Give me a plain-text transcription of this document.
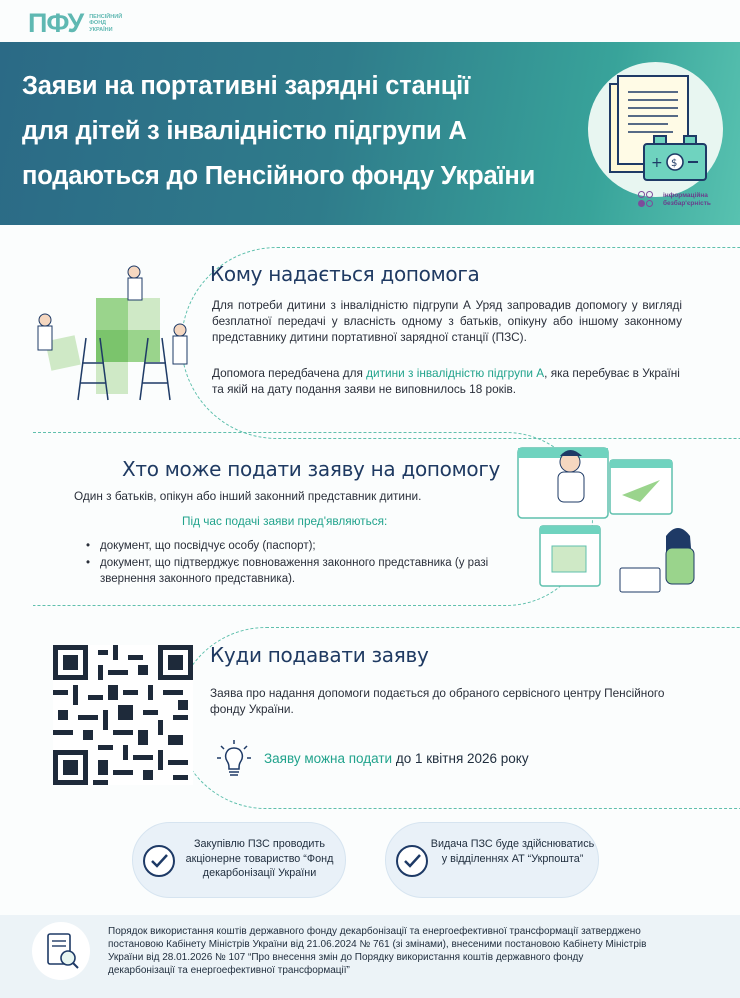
ПФУ ПЕНСІЙНИЙ
ФОНД
УКРАЇНИ
Заяви на портативні зарядні станції
для дітей з інвалідністю підгрупи А
подаються до Пенсійного фонду України	+ $
інформаційна
безбар'єрність
Кому надається допомога
Для потреби дитини з інвалідністю підгрупи А Уряд запровадив допомогу у вигляді безплатної передачі у власність одному з батьків, опікуну або іншому законному представнику дитини портативної зарядної станції (ПЗС).
Допомога передбачена для дитини з інвалідністю підгрупи А, яка перебуває в Україні та якій на дату подання заяви не виповнилось 18 років.
Хто може подати заяву на допомогу
Один з батьків, опікун або інший законний представник дитини.
Під час подачі заяви пред'являються:
• документ, що посвідчує особу (паспорт);
• документ, що підтверджує повноваження законного представника (у разі звернення законного представника).
Куди подавати заяву
Заява про надання допомоги подається до обраного сервісного центру Пенсійного фонду України.
Заяву можна подати до 1 квітня 2026 року
Закупівлю ПЗС проводить акціонерне товариство “Фонд декарбонізації України
Видача ПЗС буде здійснюватись у відділеннях АТ “Укрпошта”
Порядок використання коштів державного фонду декарбонізації та енергоефективної трансформації затверджено постановою Кабінету Міністрів України від 21.06.2024 № 761 (зі змінами), внесеними постановою Кабінету Міністрів України від 28.01.2026 № 107 “Про внесення змін до Порядку використання коштів державного фонду декарбонізації та енергоефективної трансформації”
